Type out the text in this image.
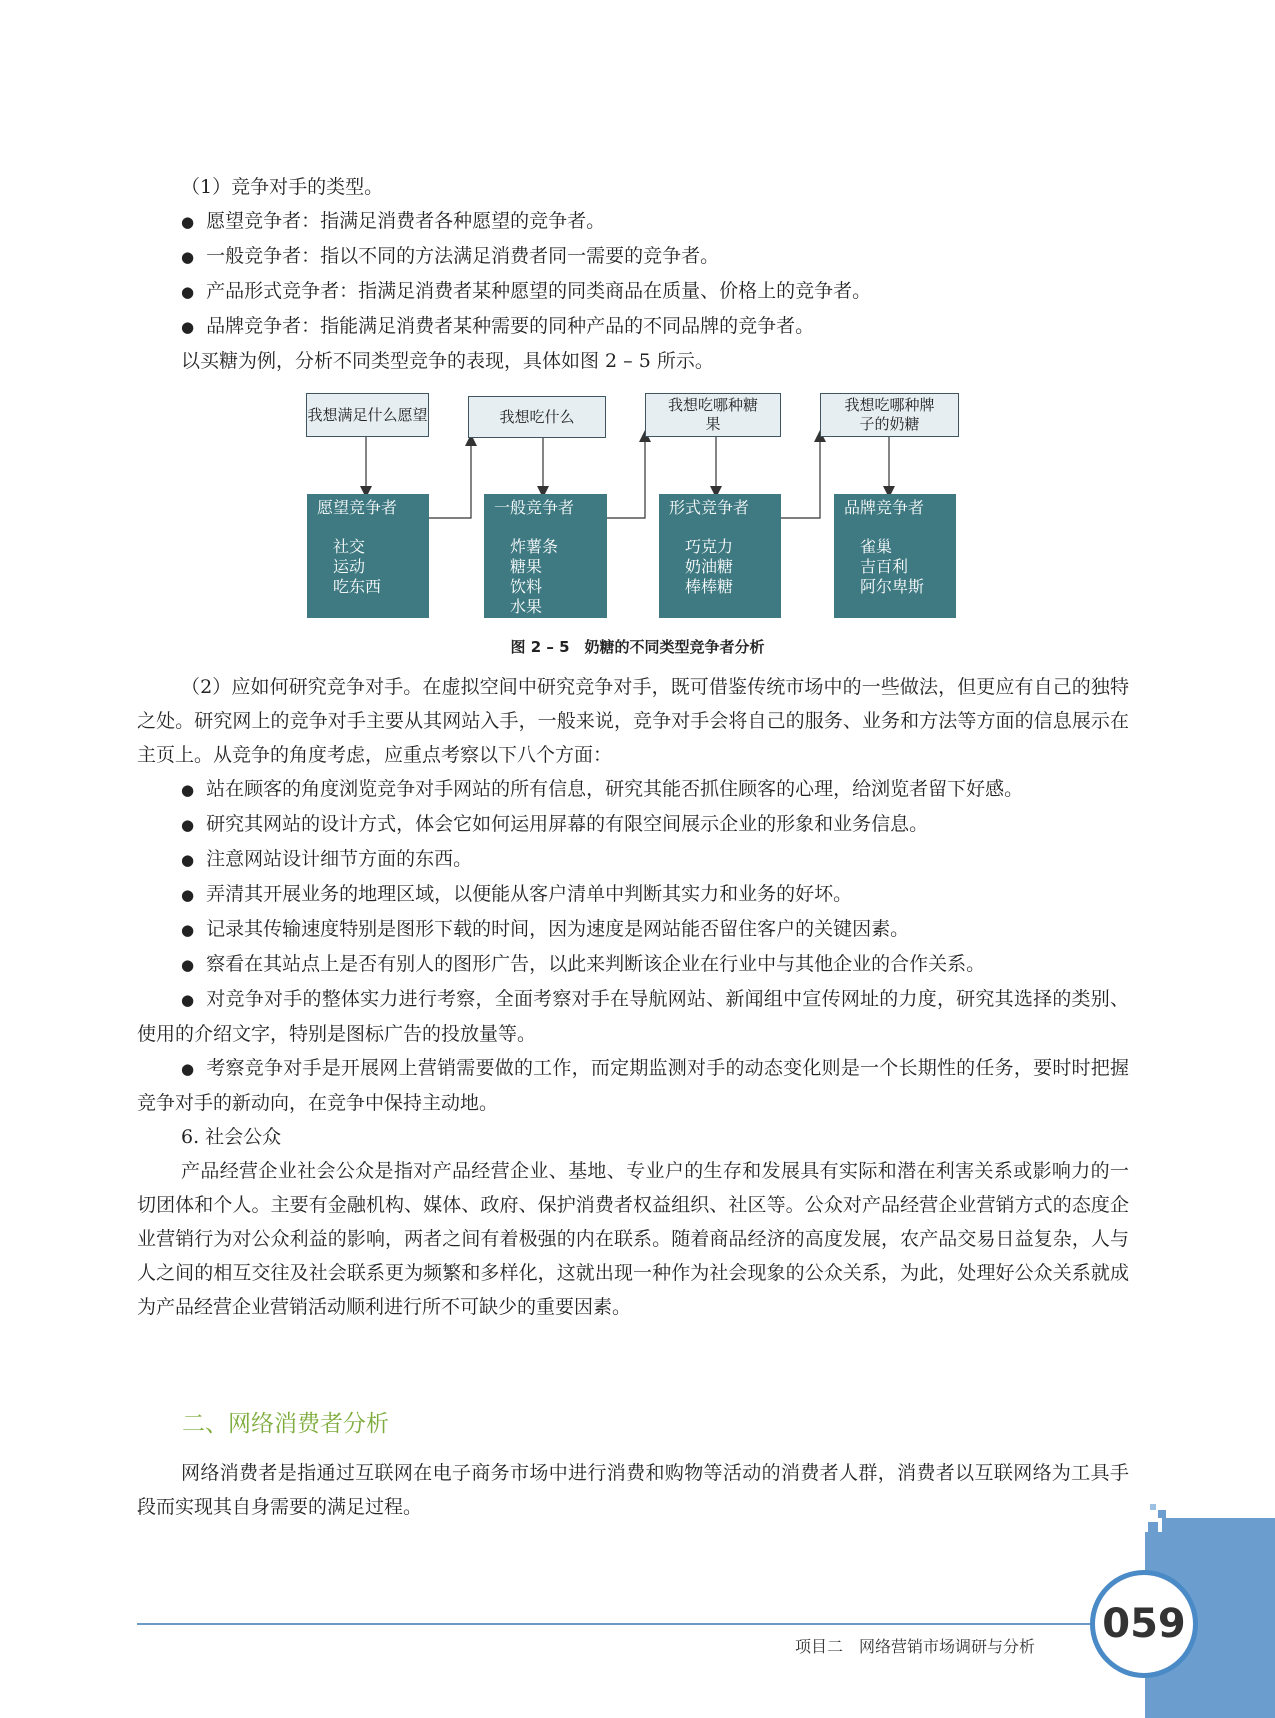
（1）竞争对手的类型。

● 愿望竞争者：指满足消费者各种愿望的竞争者。

● 一般竞争者：指以不同的方法满足消费者同一需要的竞争者。

● 产品形式竞争者：指满足消费者某种愿望的同类商品在质量、价格上的竞争者。

● 品牌竞争者：指能满足消费者某种需要的同种产品的不同品牌的竞争者。

以买糖为例，分析不同类型竞争的表现，具体如图 2 – 5 所示。

我想满足什么愿望	我想吃什么
我想吃哪种糖果
我想吃哪种牌子的奶糖
愿望竞争者
社交
运动
吃东西
一般竞争者
炸薯条
糖果
饮料
水果
形式竞争者
巧克力
奶油糖
棒棒糖
品牌竞争者
雀巢
吉百利
阿尔卑斯
图 2 – 5　奶糖的不同类型竞争者分析

（2）应如何研究竞争对手。在虚拟空间中研究竞争对手，既可借鉴传统市场中的一些做法，但更应有自己的独特之处。研究网上的竞争对手主要从其网站入手，一般来说，竞争对手会将自己的服务、业务和方法等方面的信息展示在主页上。从竞争的角度考虑，应重点考察以下八个方面：

● 站在顾客的角度浏览竞争对手网站的所有信息，研究其能否抓住顾客的心理，给浏览者留下好感。

● 研究其网站的设计方式，体会它如何运用屏幕的有限空间展示企业的形象和业务信息。

● 注意网站设计细节方面的东西。

● 弄清其开展业务的地理区域，以便能从客户清单中判断其实力和业务的好坏。

● 记录其传输速度特别是图形下载的时间，因为速度是网站能否留住客户的关键因素。

● 察看在其站点上是否有别人的图形广告，以此来判断该企业在行业中与其他企业的合作关系。

● 对竞争对手的整体实力进行考察，全面考察对手在导航网站、新闻组中宣传网址的力度，研究其选择的类别、使用的介绍文字，特别是图标广告的投放量等。

● 考察竞争对手是开展网上营销需要做的工作，而定期监测对手的动态变化则是一个长期性的任务，要时时把握竞争对手的新动向，在竞争中保持主动地。

6. 社会公众

产品经营企业社会公众是指对产品经营企业、基地、专业户的生存和发展具有实际和潜在利害关系或影响力的一切团体和个人。主要有金融机构、媒体、政府、保护消费者权益组织、社区等。公众对产品经营企业营销方式的态度企业营销行为对公众利益的影响，两者之间有着极强的内在联系。随着商品经济的高度发展，农产品交易日益复杂，人与人之间的相互交往及社会联系更为频繁和多样化，这就出现一种作为社会现象的公众关系，为此，处理好公众关系就成为产品经营企业营销活动顺利进行所不可缺少的重要因素。

二、网络消费者分析

网络消费者是指通过互联网在电子商务市场中进行消费和购物等活动的消费者人群，消费者以互联网络为工具手段而实现其自身需要的满足过程。

项目二　网络营销市场调研与分析 059
